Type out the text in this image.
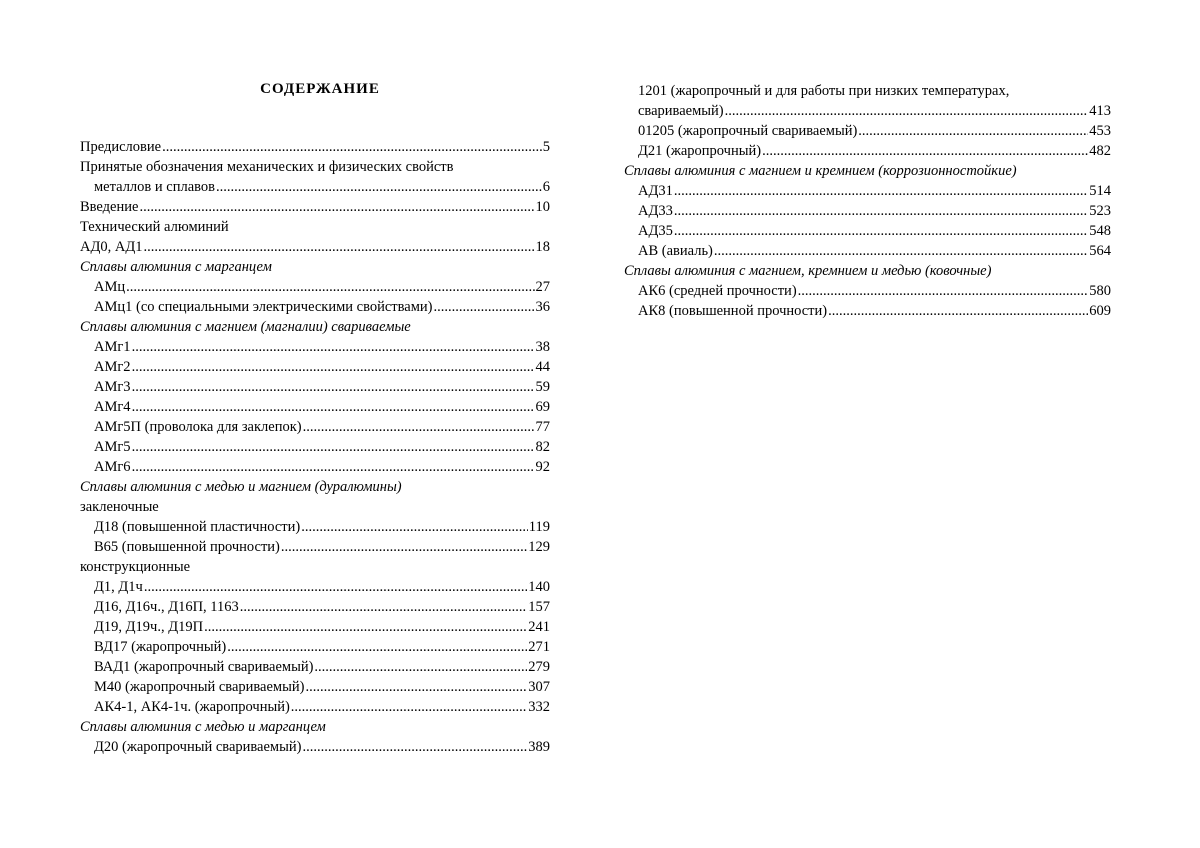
СОДЕРЖАНИЕ
Предисловие .....	5
Принятые обозначения механических и физических свойств
металлов и сплавов .....	6
Введение .....	10
Технический алюминий
АД0, АД1 .....	18
Сплавы алюминия с марганцем
АМц .....	27
АМц1 (со специальными электрическими свойствами) .....	36
Сплавы алюминия с магнием (магналии) свариваемые
АМг1 .....	38
АМг2 .....	44
АМг3 .....	59
АМг4 .....	69
АМг5П (проволока для заклепок) .....	77
АМг5 .....	82
АМг6 .....	92
Сплавы алюминия с медью и магнием (дуралюмины)
закленочные
Д18 (повышенной пластичности) .....	119
В65 (повышенной прочности) .....	129
конструкционные
Д1, Д1ч .....	140
Д16, Д16ч., Д16П, 1163 .....	157
Д19, Д19ч., Д19П .....	241
ВД17 (жаропрочный) .....	271
ВАД1 (жаропрочный свариваемый) .....	279
М40 (жаропрочный свариваемый) .....	307
АК4-1, АК4-1ч. (жаропрочный) .....	332
Сплавы алюминия с медью и марганцем
Д20 (жаропрочный свариваемый) .....	389
1201 (жаропрочный и для работы при низких температурах,
свариваемый) .....	413
01205 (жаропрочный свариваемый) .....	453
Д21 (жаропрочный) .....	482
Сплавы алюминия с магнием и кремнием (коррозионностойкие)
АД31 .....	514
АД33 .....	523
АД35 .....	548
АВ (авиаль) .....	564
Сплавы алюминия с магнием, кремнием и медью (ковочные)
АК6 (средней прочности) .....	580
АК8 (повышенной прочности) .....	609
